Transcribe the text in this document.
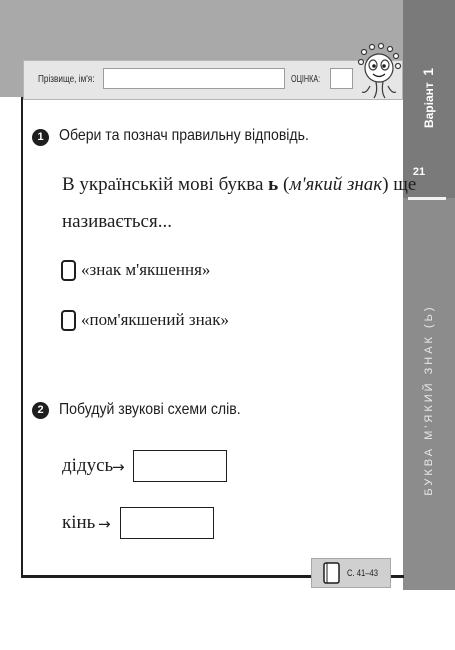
Прізвище, ім'я:	ОЦІНКА:
Варіант 1
21
БУКВА М'ЯКИЙ ЗНАК (Ь)
1 Обери та познач правильну відповідь.
В українській мові буква ь (м'який знак) ще
називається...
«знак м'якшення»
«пом'якшений знак»
2 Побудуй звукові схеми слів.
дідусь
→
кінь →
С. 41–43
